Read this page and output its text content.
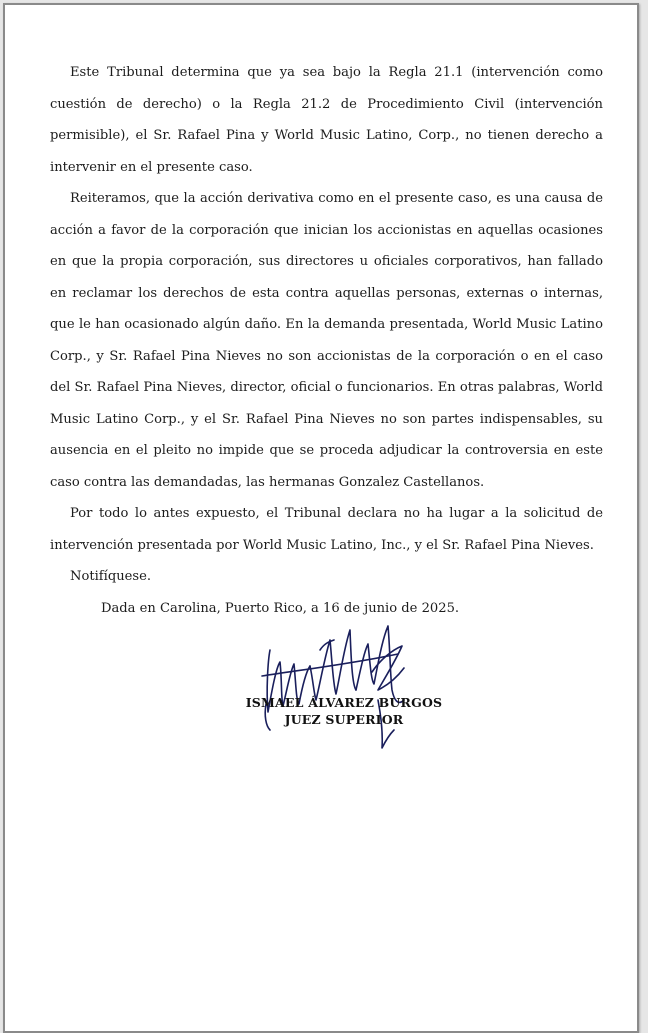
Este Tribunal determina que ya sea bajo la Regla 21.1 (intervención como cuestión de derecho) o la Regla 21.2 de Procedimiento Civil (intervención permisible), el Sr. Rafael Pina y World Music Latino, Corp., no tienen derecho a intervenir en el presente caso.

Reiteramos, que la acción derivativa como en el presente caso, es una causa de acción a favor de la corporación que inician los accionistas en aquellas ocasiones en que la propia corporación, sus directores u oficiales corporativos, han fallado en reclamar los derechos de esta contra aquellas personas, externas o internas, que le han ocasionado algún daño. En la demanda presentada, World Music Latino Corp., y Sr. Rafael Pina Nieves no son accionistas de la corporación o en el caso del Sr. Rafael Pina Nieves, director, oficial o funcionarios. En otras palabras, World Music Latino Corp., y el Sr. Rafael Pina Nieves no son partes indispensables, su ausencia en el pleito no impide que se proceda adjudicar la controversia en este caso contra las demandadas, las hermanas Gonzalez Castellanos.

Por todo lo antes expuesto, el Tribunal declara no ha lugar a la solicitud de intervención presentada por World Music Latino, Inc., y el Sr. Rafael Pina Nieves.

Notifíquese.

Dada en Carolina, Puerto Rico, a 16 de junio de 2025.

ISMAEL ÁLVAREZ BURGOS
JUEZ SUPERIOR
